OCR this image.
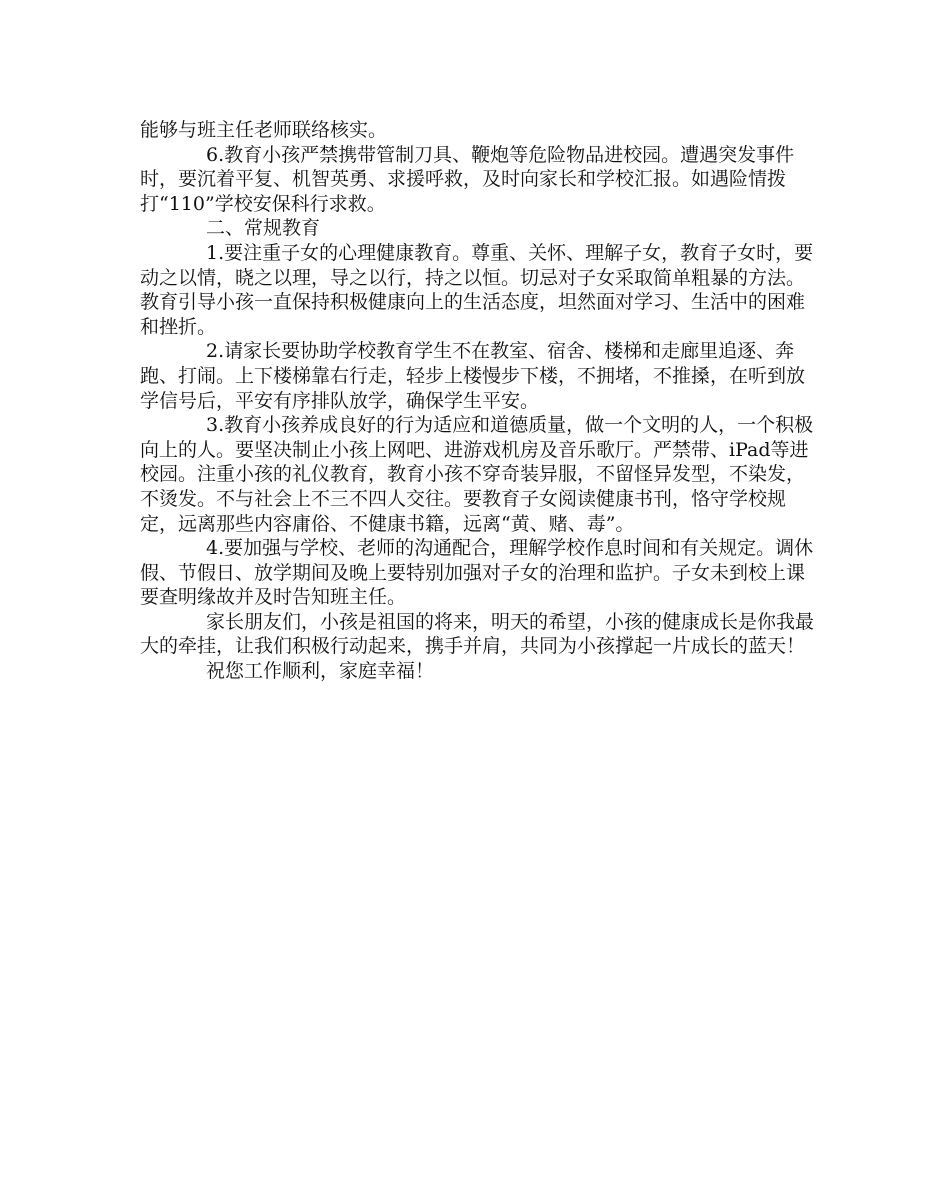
能够与班主任老师联络核实。

6.教育小孩严禁携带管制刀具、鞭炮等危险物品进校园。遭遇突发事件时，要沉着平复、机智英勇、求援呼救，及时向家长和学校汇报。如遇险情拨打“110”学校安保科行求救。

二、常规教育

1.要注重子女的心理健康教育。尊重、关怀、理解子女，教育子女时，要动之以情，晓之以理，导之以行，持之以恒。切忌对子女采取简单粗暴的方法。教育引导小孩一直保持积极健康向上的生活态度，坦然面对学习、生活中的困难和挫折。

2.请家长要协助学校教育学生不在教室、宿舍、楼梯和走廊里追逐、奔跑、打闹。上下楼梯靠右行走，轻步上楼慢步下楼，不拥堵，不推搡，在听到放学信号后，平安有序排队放学，确保学生平安。

3.教育小孩养成良好的行为适应和道德质量，做一个文明的人，一个积极向上的人。要坚决制止小孩上网吧、进游戏机房及音乐歌厅。严禁带、iPad等进校园。注重小孩的礼仪教育，教育小孩不穿奇装异服，不留怪异发型，不染发，不烫发。不与社会上不三不四人交往。要教育子女阅读健康书刊，恪守学校规定，远离那些内容庸俗、不健康书籍，远离“黄、赌、毒”。

4.要加强与学校、老师的沟通配合，理解学校作息时间和有关规定。调休假、节假日、放学期间及晚上要特别加强对子女的治理和监护。子女未到校上课要查明缘故并及时告知班主任。

家长朋友们，小孩是祖国的将来，明天的希望，小孩的健康成长是你我最大的牵挂，让我们积极行动起来，携手并肩，共同为小孩撑起一片成长的蓝天！

祝您工作顺利，家庭幸福！
